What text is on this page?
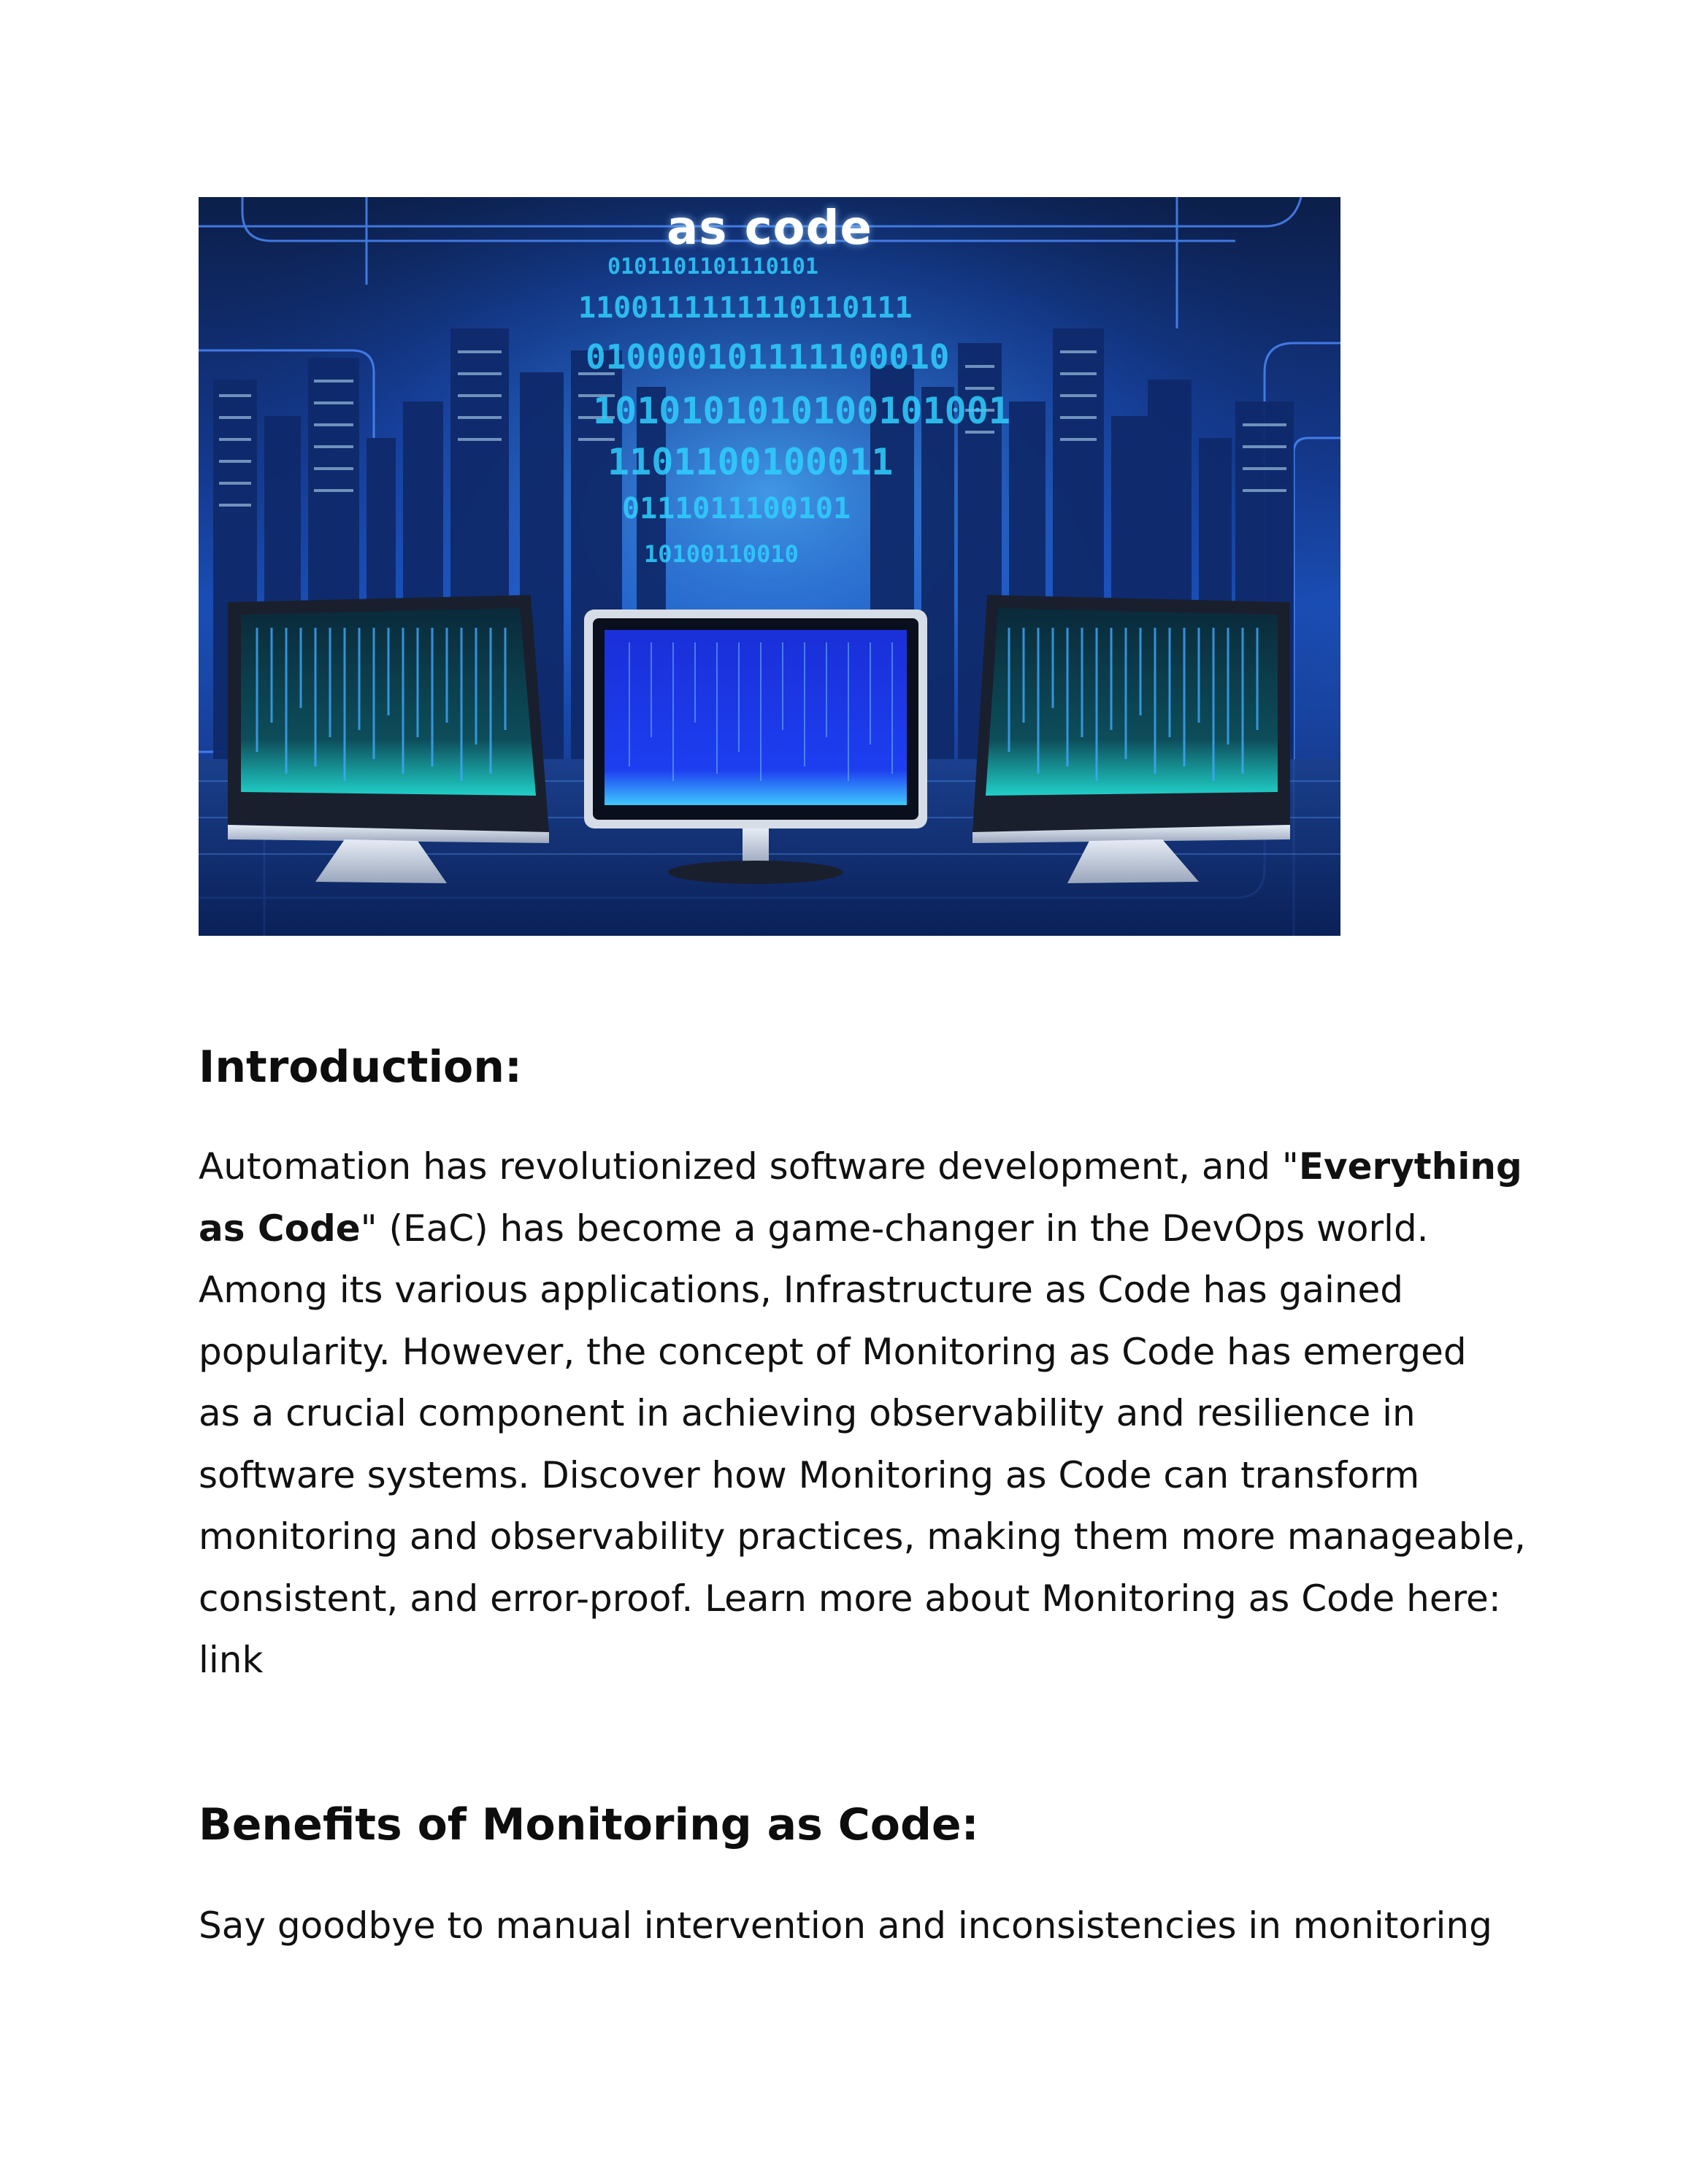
0101101101110101
1100111111110110111
010000101111100010
1010101010100101001
1101100100011
0111011100101
10100110010
as code
Introduction:

Automation has revolutionized software development, and "Everything
as Code" (EaC) has become a game-changer in the DevOps world.
Among its various applications, Infrastructure as Code has gained
popularity. However, the concept of Monitoring as Code has emerged
as a crucial component in achieving observability and resilience in
software systems. Discover how Monitoring as Code can transform
monitoring and observability practices, making them more manageable,
consistent, and error-proof. Learn more about Monitoring as Code here:
link

Benefits of Monitoring as Code:

Say goodbye to manual intervention and inconsistencies in monitoring
